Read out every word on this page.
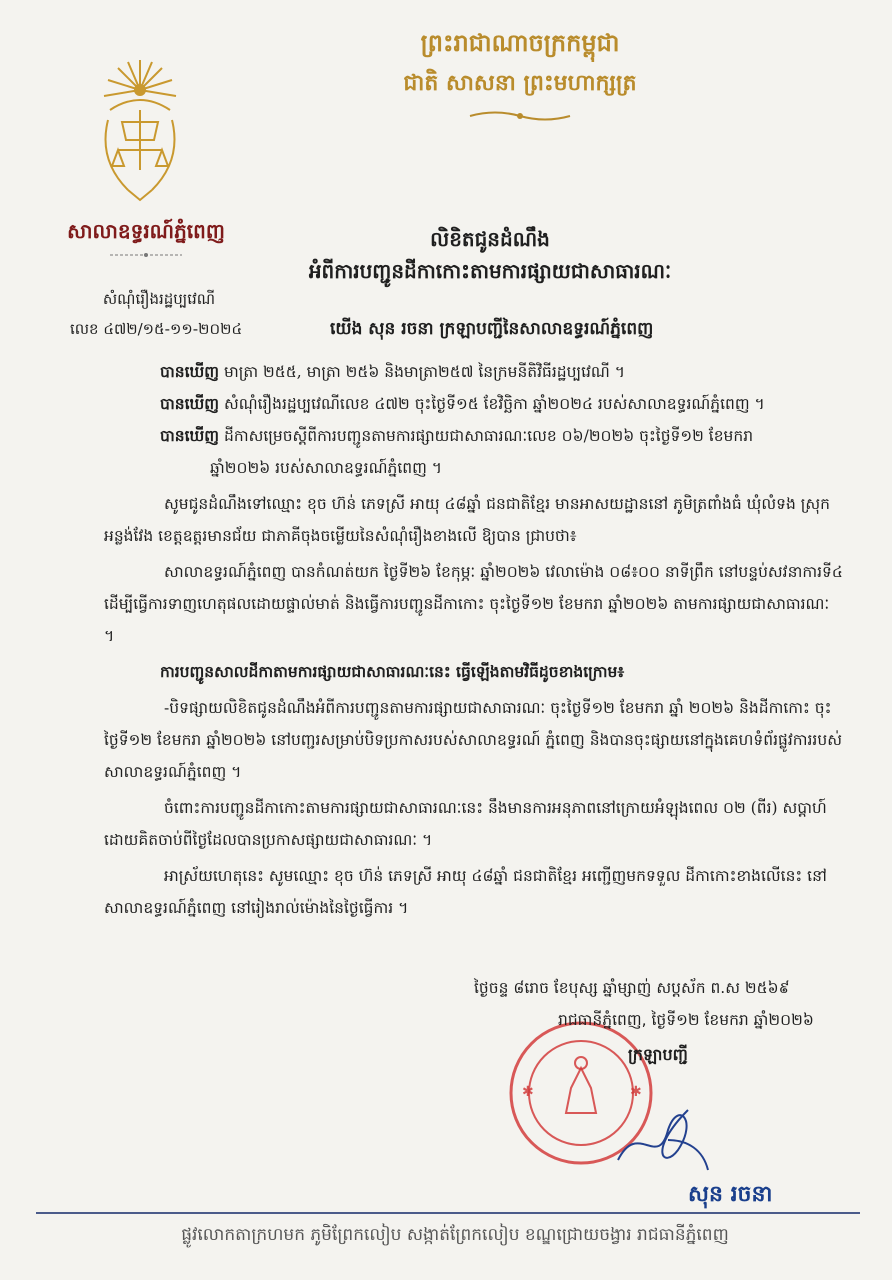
ព្រះរាជាណាចក្រកម្ពុជា
ជាតិ សាសនា ព្រះមហាក្សត្រ
សាលាឧទ្ធរណ៍ភ្នំពេញ	លិខិតជូនដំណឹង
អំពីការបញ្ជូនដីកាកោះតាមការផ្សាយជាសាធារណៈ
សំណុំរឿងរដ្ឋប្បវេណី
លេខ ៤៧២/១៥-១១-២០២៤	យើង សុន រចនា ក្រឡាបញ្ជីនៃសាលាឧទ្ធរណ៍ភ្នំពេញ

បានឃើញ មាត្រា ២៥៥, មាត្រា ២៥៦ និងមាត្រា២៥៧ នៃក្រមនីតិវិធីរដ្ឋប្បវេណី ។

បានឃើញ សំណុំរឿងរដ្ឋប្បវេណីលេខ ៤៧២ ចុះថ្ងៃទី១៥ ខែវិច្ឆិកា ឆ្នាំ២០២៤ របស់សាលាឧទ្ធរណ៍ភ្នំពេញ ។

បានឃើញ ដីកាសម្រេចស្តីពីការបញ្ជូនតាមការផ្សាយជាសាធារណៈលេខ ០៦/២០២៦ ចុះថ្ងៃទី១២ ខែមករា

ឆ្នាំ២០២៦ របស់សាលាឧទ្ធរណ៍ភ្នំពេញ ។

សូមជូនដំណឹងទៅឈ្មោះ ខុច ហ៊ន់ ភេទស្រី អាយុ ៤៨ឆ្នាំ ជនជាតិខ្មែរ មានអាសយដ្ឋាននៅ ភូមិត្រពាំងធំ ឃុំលំទង ស្រុកអន្លង់វែង ខេត្តឧត្តរមានជ័យ ជាភាគីចុងចម្លើយនៃសំណុំរឿងខាងលើ ឱ្យបាន ជ្រាបថា៖

សាលាឧទ្ធរណ៍ភ្នំពេញ បានកំណត់យក ថ្ងៃទី២៦ ខែកុម្ភៈ ឆ្នាំ២០២៦ វេលាម៉ោង ០៨៖០០ នាទីព្រឹក នៅបន្ទប់សវនាការទី៤ ដើម្បីធ្វើការទាញហេតុផលដោយផ្ទាល់មាត់ និងធ្វើការបញ្ជូនដីកាកោះ ចុះថ្ងៃទី១២ ខែមករា ឆ្នាំ២០២៦ តាមការផ្សាយជាសាធារណៈ ។

ការបញ្ជូនសាលដីកាតាមការផ្សាយជាសាធារណៈនេះ ធ្វើឡើងតាមវិធីដូចខាងក្រោម៖

-បិទផ្សាយលិខិតជូនដំណឹងអំពីការបញ្ជូនតាមការផ្សាយជាសាធារណៈ ចុះថ្ងៃទី១២ ខែមករា ឆ្នាំ ២០២៦ និងដីកាកោះ ចុះថ្ងៃទី១២ ខែមករា ឆ្នាំ២០២៦ នៅបញ្ជរសម្រាប់បិទប្រកាសរបស់សាលាឧទ្ធរណ៍ ភ្នំពេញ និងបានចុះផ្សាយនៅក្នុងគេហទំព័រផ្លូវការរបស់សាលាឧទ្ធរណ៍ភ្នំពេញ ។

ចំពោះការបញ្ជូនដីកាកោះតាមការផ្សាយជាសាធារណៈនេះ នឹងមានការអនុភាពនៅក្រោយអំឡុងពេល ០២ (ពីរ) សប្តាហ៍ ដោយគិតចាប់ពីថ្ងៃដែលបានប្រកាសផ្សាយជាសាធារណៈ ។

អាស្រ័យហេតុនេះ សូមឈ្មោះ ខុច ហ៊ន់ ភេទស្រី អាយុ ៤៨ឆ្នាំ ជនជាតិខ្មែរ អញ្ជើញមកទទួល ដីកាកោះខាងលើនេះ នៅសាលាឧទ្ធរណ៍ភ្នំពេញ នៅរៀងរាល់ម៉ោងនៃថ្ងៃធ្វើការ ។

ថ្ងៃចន្ទ ៨រោច ខែបុស្ស ឆ្នាំម្សាញ់ សប្តស័ក ព.ស ២៥៦៩
✱	✱
រាជធានីភ្នំពេញ, ថ្ងៃទី១២ ខែមករា ឆ្នាំ២០២៦
ក្រឡាបញ្ជី
សុន រចនា
ផ្លូវលោកតាក្រហមក ភូមិព្រែកលៀប សង្កាត់ព្រែកលៀប ខណ្ឌជ្រោយចង្វារ រាជធានីភ្នំពេញ
